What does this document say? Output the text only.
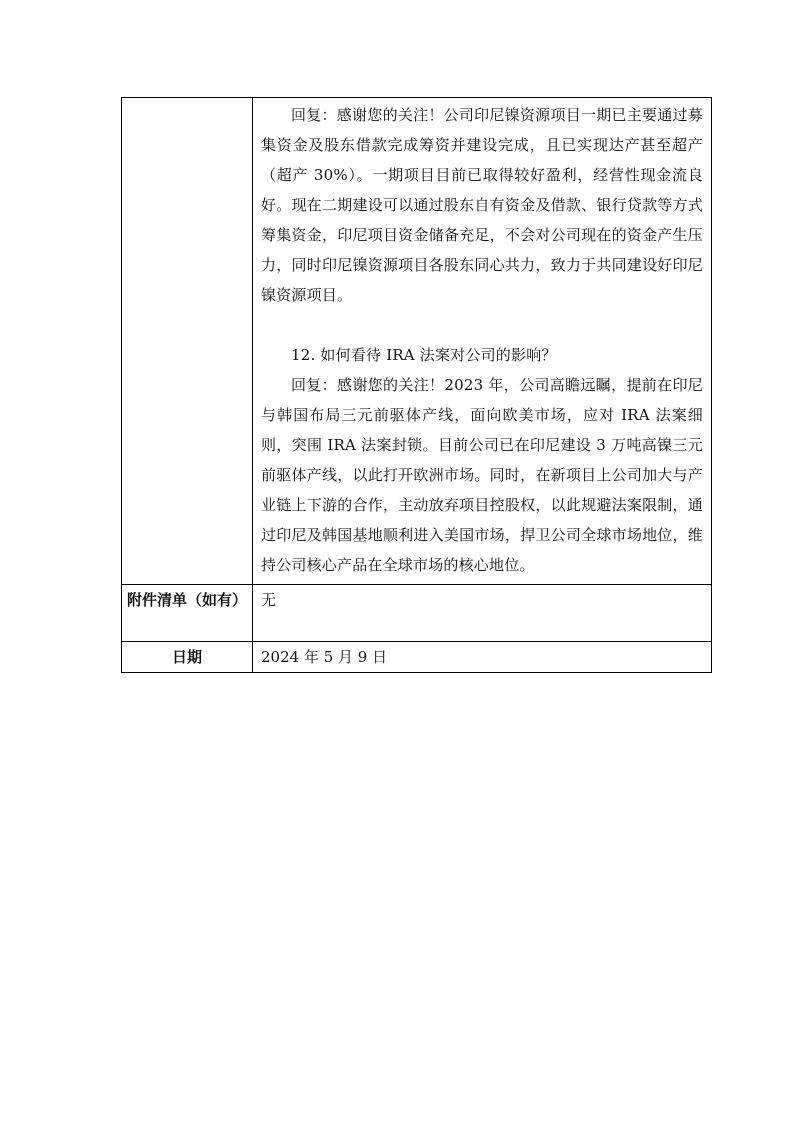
	回复：感谢您的关注！公司印尼镍资源项目一期已主要通过募集资金及股东借款完成筹资并建设完成，且已实现达产甚至超产（超产 30%）。一期项目目前已取得较好盈利，经营性现金流良好。现在二期建设可以通过股东自有资金及借款、银行贷款等方式筹集资金，印尼项目资金储备充足，不会对公司现在的资金产生压力，同时印尼镍资源项目各股东同心共力，致力于共同建设好印尼镍资源项目。

12. 如何看待 IRA 法案对公司的影响？

回复：感谢您的关注！2023 年，公司高瞻远瞩，提前在印尼与韩国布局三元前驱体产线，面向欧美市场，应对 IRA 法案细则，突围 IRA 法案封锁。目前公司已在印尼建设 3 万吨高镍三元前驱体产线，以此打开欧洲市场。同时，在新项目上公司加大与产业链上下游的合作，主动放弃项目控股权，以此规避法案限制，通过印尼及韩国基地顺利进入美国市场，捍卫公司全球市场地位，维持公司核心产品在全球市场的核心地位。

附件清单（如有）	无
日期	2024 年 5 月 9 日
